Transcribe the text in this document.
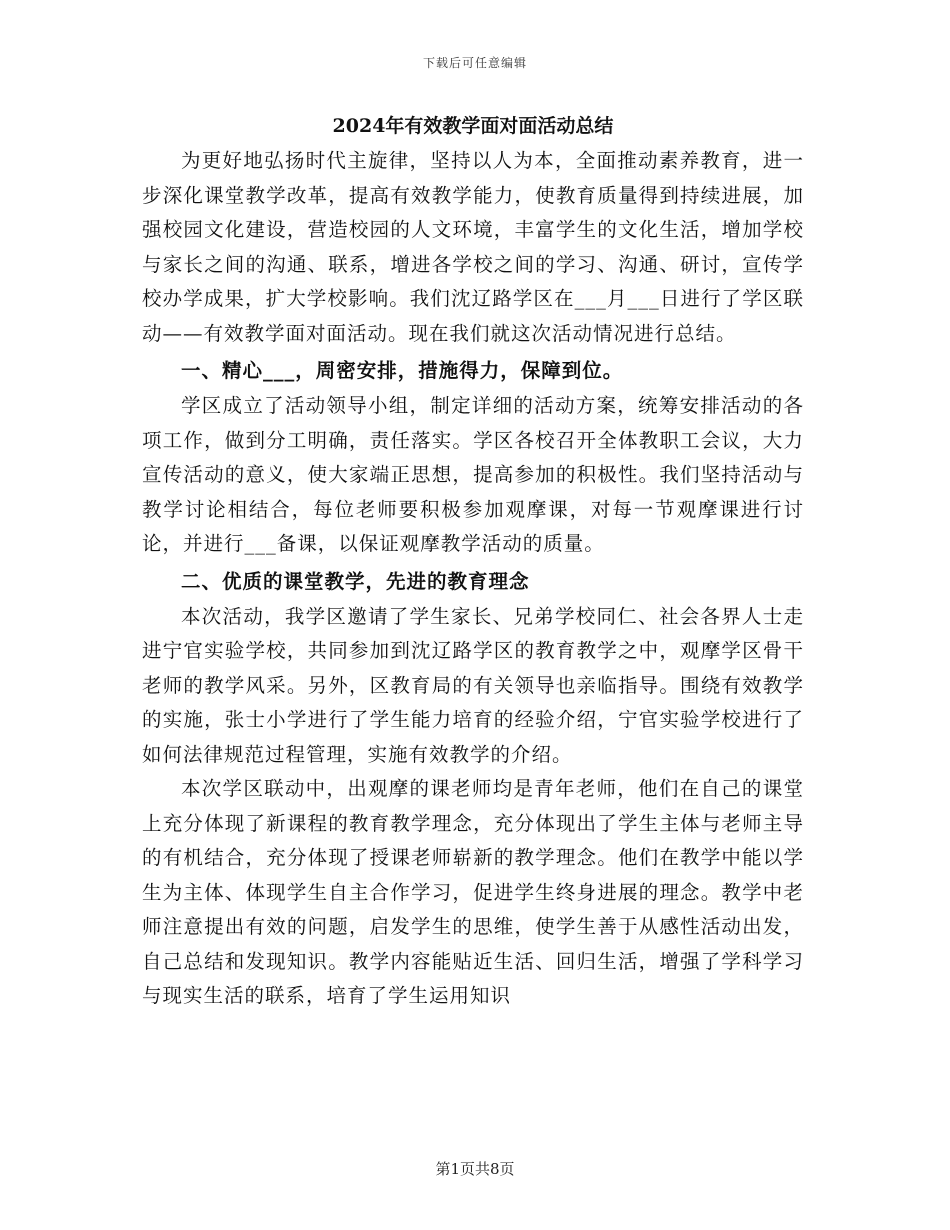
下载后可任意编辑
2024年有效教学面对面活动总结

为更好地弘扬时代主旋律，坚持以人为本，全面推动素养教育，进一步深化课堂教学改革，提高有效教学能力，使教育质量得到持续进展，加强校园文化建设，营造校园的人文环境，丰富学生的文化生活，增加学校与家长之间的沟通、联系，增进各学校之间的学习、沟通、研讨，宣传学校办学成果，扩大学校影响。我们沈辽路学区在___月___日进行了学区联动——有效教学面对面活动。现在我们就这次活动情况进行总结。

一、精心___，周密安排，措施得力，保障到位。

学区成立了活动领导小组，制定详细的活动方案，统筹安排活动的各项工作，做到分工明确，责任落实。学区各校召开全体教职工会议，大力宣传活动的意义，使大家端正思想，提高参加的积极性。我们坚持活动与教学讨论相结合，每位老师要积极参加观摩课，对每一节观摩课进行讨论，并进行___备课，以保证观摩教学活动的质量。

二、优质的课堂教学，先进的教育理念

本次活动，我学区邀请了学生家长、兄弟学校同仁、社会各界人士走进宁官实验学校，共同参加到沈辽路学区的教育教学之中，观摩学区骨干老师的教学风采。另外，区教育局的有关领导也亲临指导。围绕有效教学的实施，张士小学进行了学生能力培育的经验介绍，宁官实验学校进行了如何法律规范过程管理，实施有效教学的介绍。

本次学区联动中，出观摩的课老师均是青年老师，他们在自己的课堂上充分体现了新课程的教育教学理念，充分体现出了学生主体与老师主导的有机结合，充分体现了授课老师崭新的教学理念。他们在教学中能以学生为主体、体现学生自主合作学习，促进学生终身进展的理念。教学中老师注意提出有效的问题，启发学生的思维，使学生善于从感性活动出发，自己总结和发现知识。教学内容能贴近生活、回归生活，增强了学科学习与现实生活的联系，培育了学生运用知识

第1页共8页
